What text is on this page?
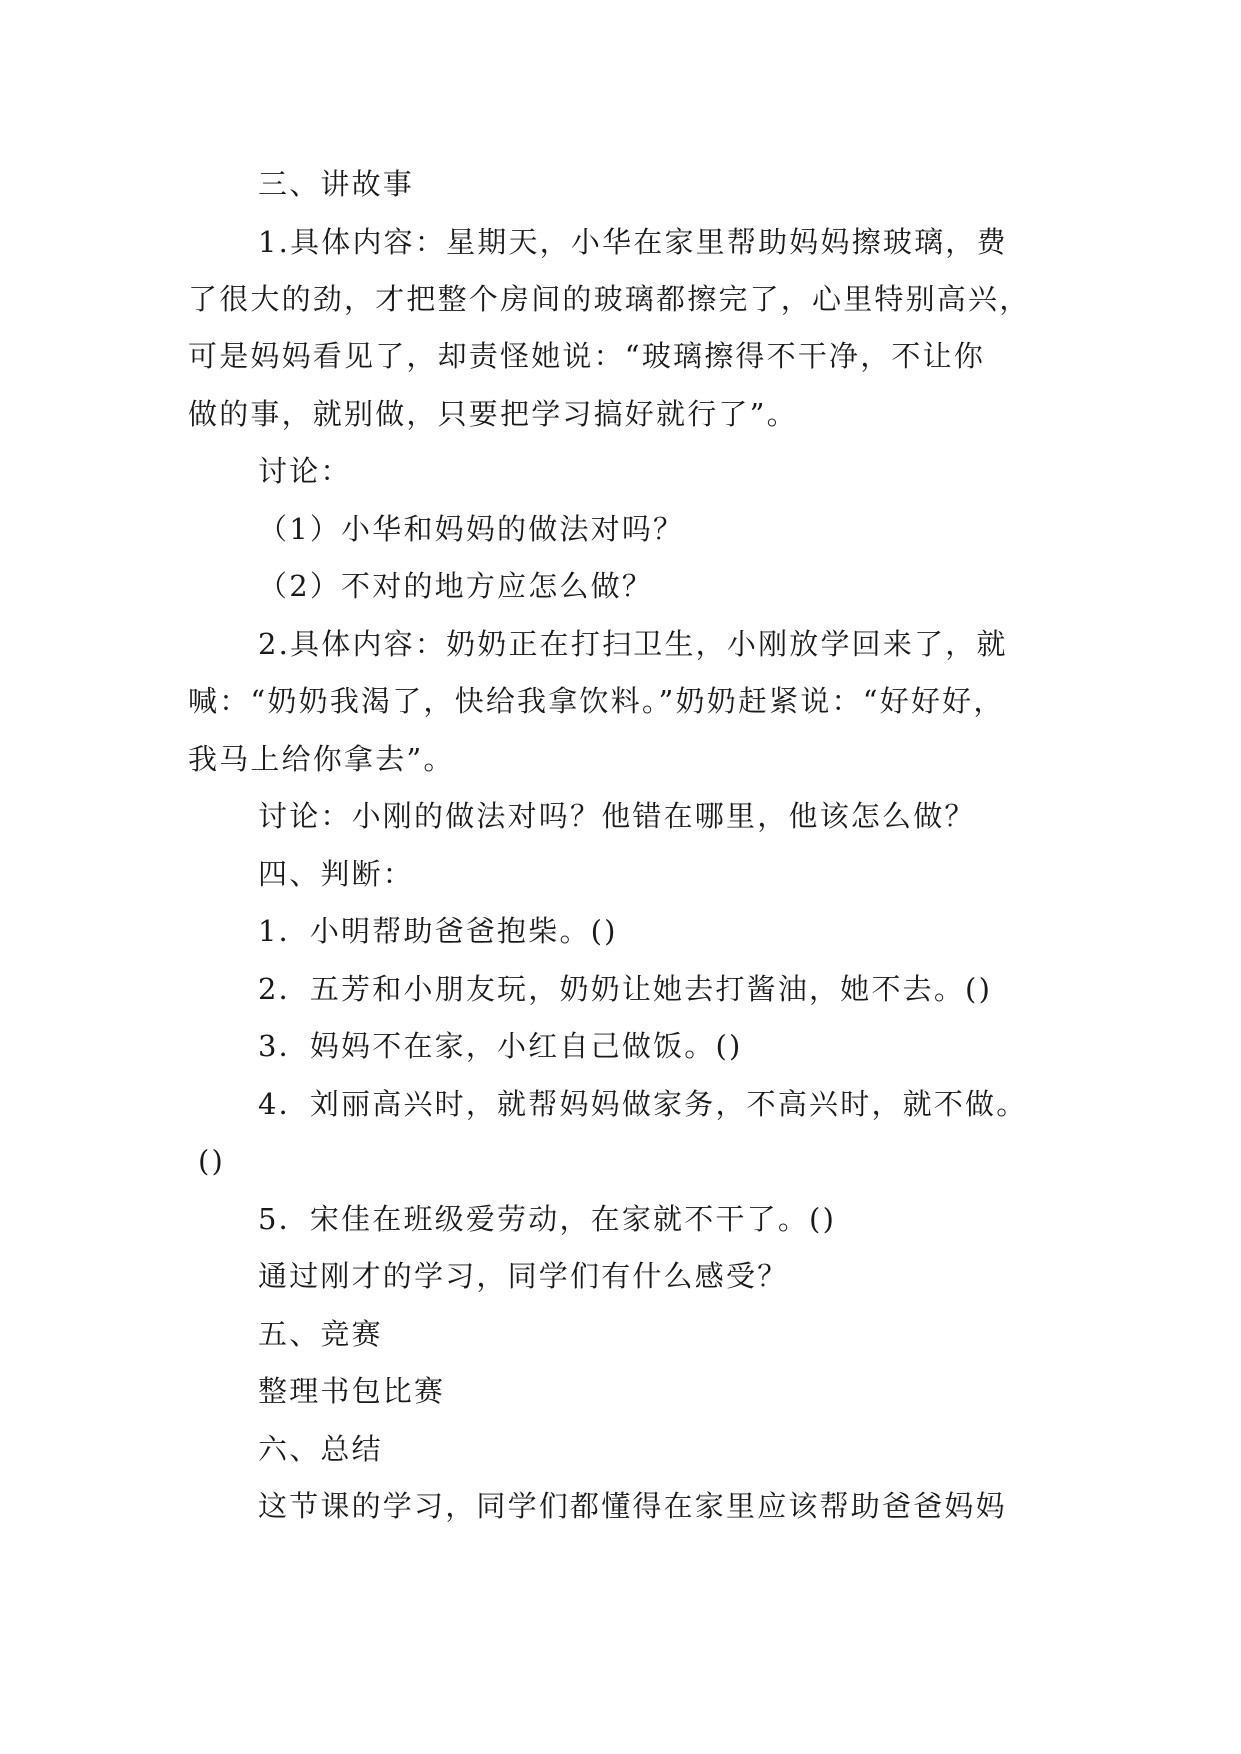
三、讲故事
1.具体内容：星期天，小华在家里帮助妈妈擦玻璃，费
了很大的劲，才把整个房间的玻璃都擦完了，心里特别高兴，
可是妈妈看见了，却责怪她说：“玻璃擦得不干净，不让你
做的事，就别做，只要把学习搞好就行了”。
讨论：
（1）小华和妈妈的做法对吗？
（2）不对的地方应怎么做？
2.具体内容：奶奶正在打扫卫生，小刚放学回来了，就
喊：“奶奶我渴了，快给我拿饮料。”奶奶赶紧说：“好好好，
我马上给你拿去”。
讨论：小刚的做法对吗？他错在哪里，他该怎么做？
四、判断：
1．小明帮助爸爸抱柴。()
2．五芳和小朋友玩，奶奶让她去打酱油，她不去。()
3．妈妈不在家，小红自己做饭。()
4．刘丽高兴时，就帮妈妈做家务，不高兴时，就不做。
()
5．宋佳在班级爱劳动，在家就不干了。()
通过刚才的学习，同学们有什么感受？
五、竞赛
整理书包比赛
六、总结
这节课的学习，同学们都懂得在家里应该帮助爸爸妈妈
